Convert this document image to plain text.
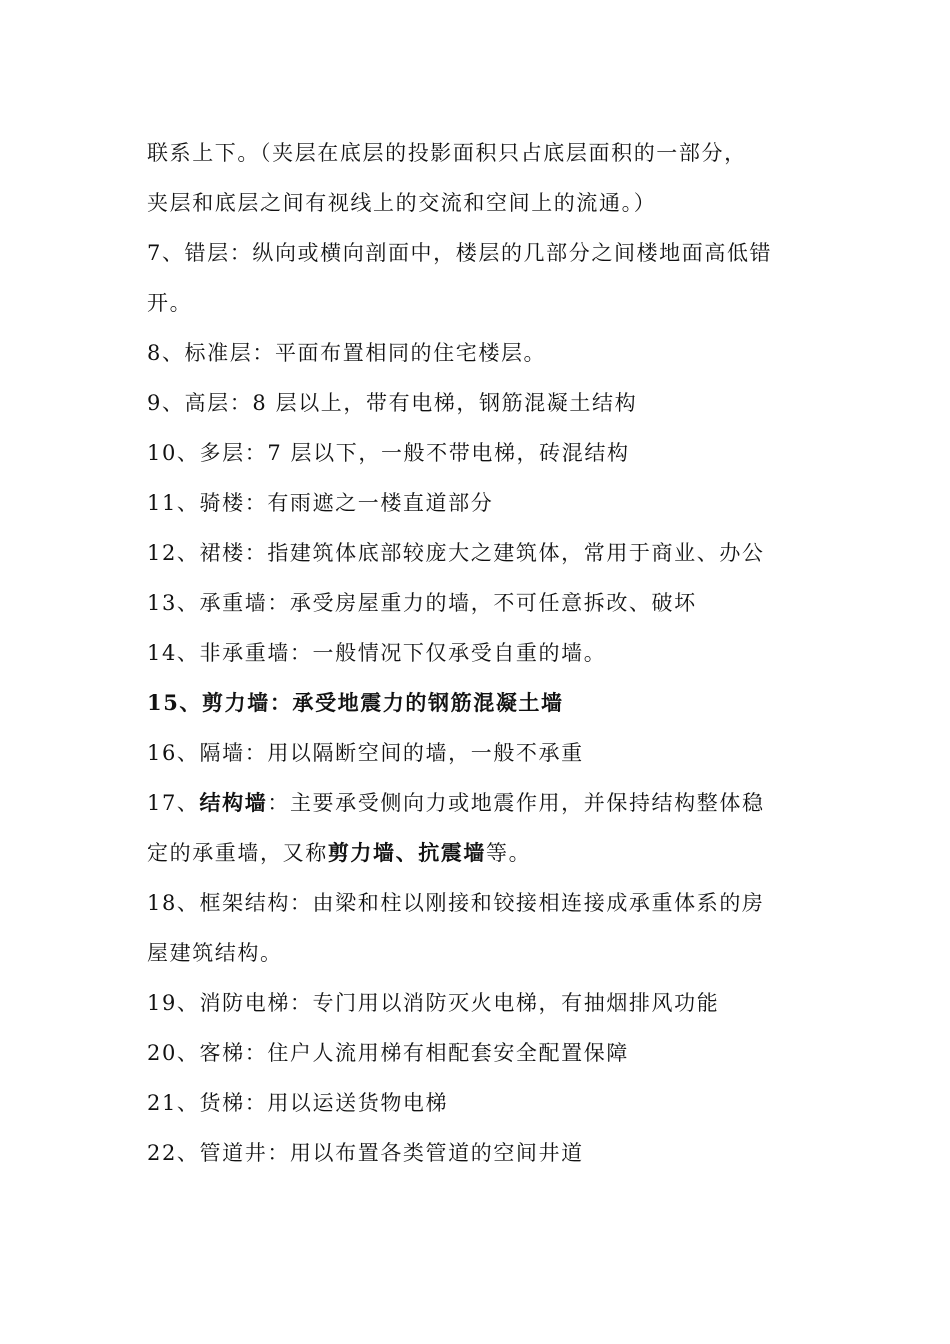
联系上下。（夹层在底层的投影面积只占底层面积的一部分，
夹层和底层之间有视线上的交流和空间上的流通。）
7、错层：纵向或横向剖面中，楼层的几部分之间楼地面高低错
开。
8、标准层：平面布置相同的住宅楼层。
9、高层：8 层以上，带有电梯，钢筋混凝土结构
10、多层：7 层以下，一般不带电梯，砖混结构
11、骑楼：有雨遮之一楼直道部分
12、裙楼：指建筑体底部较庞大之建筑体，常用于商业、办公
13、承重墙：承受房屋重力的墙，不可任意拆改、破坏
14、非承重墙：一般情况下仅承受自重的墙。
15、剪力墙：承受地震力的钢筋混凝土墙
16、隔墙：用以隔断空间的墙，一般不承重
17、结构墙：主要承受侧向力或地震作用，并保持结构整体稳
定的承重墙，又称剪力墙、抗震墙等。
18、框架结构：由梁和柱以刚接和铰接相连接成承重体系的房
屋建筑结构。
19、消防电梯：专门用以消防灭火电梯，有抽烟排风功能
20、客梯：住户人流用梯有相配套安全配置保障
21、货梯：用以运送货物电梯
22、管道井：用以布置各类管道的空间井道
